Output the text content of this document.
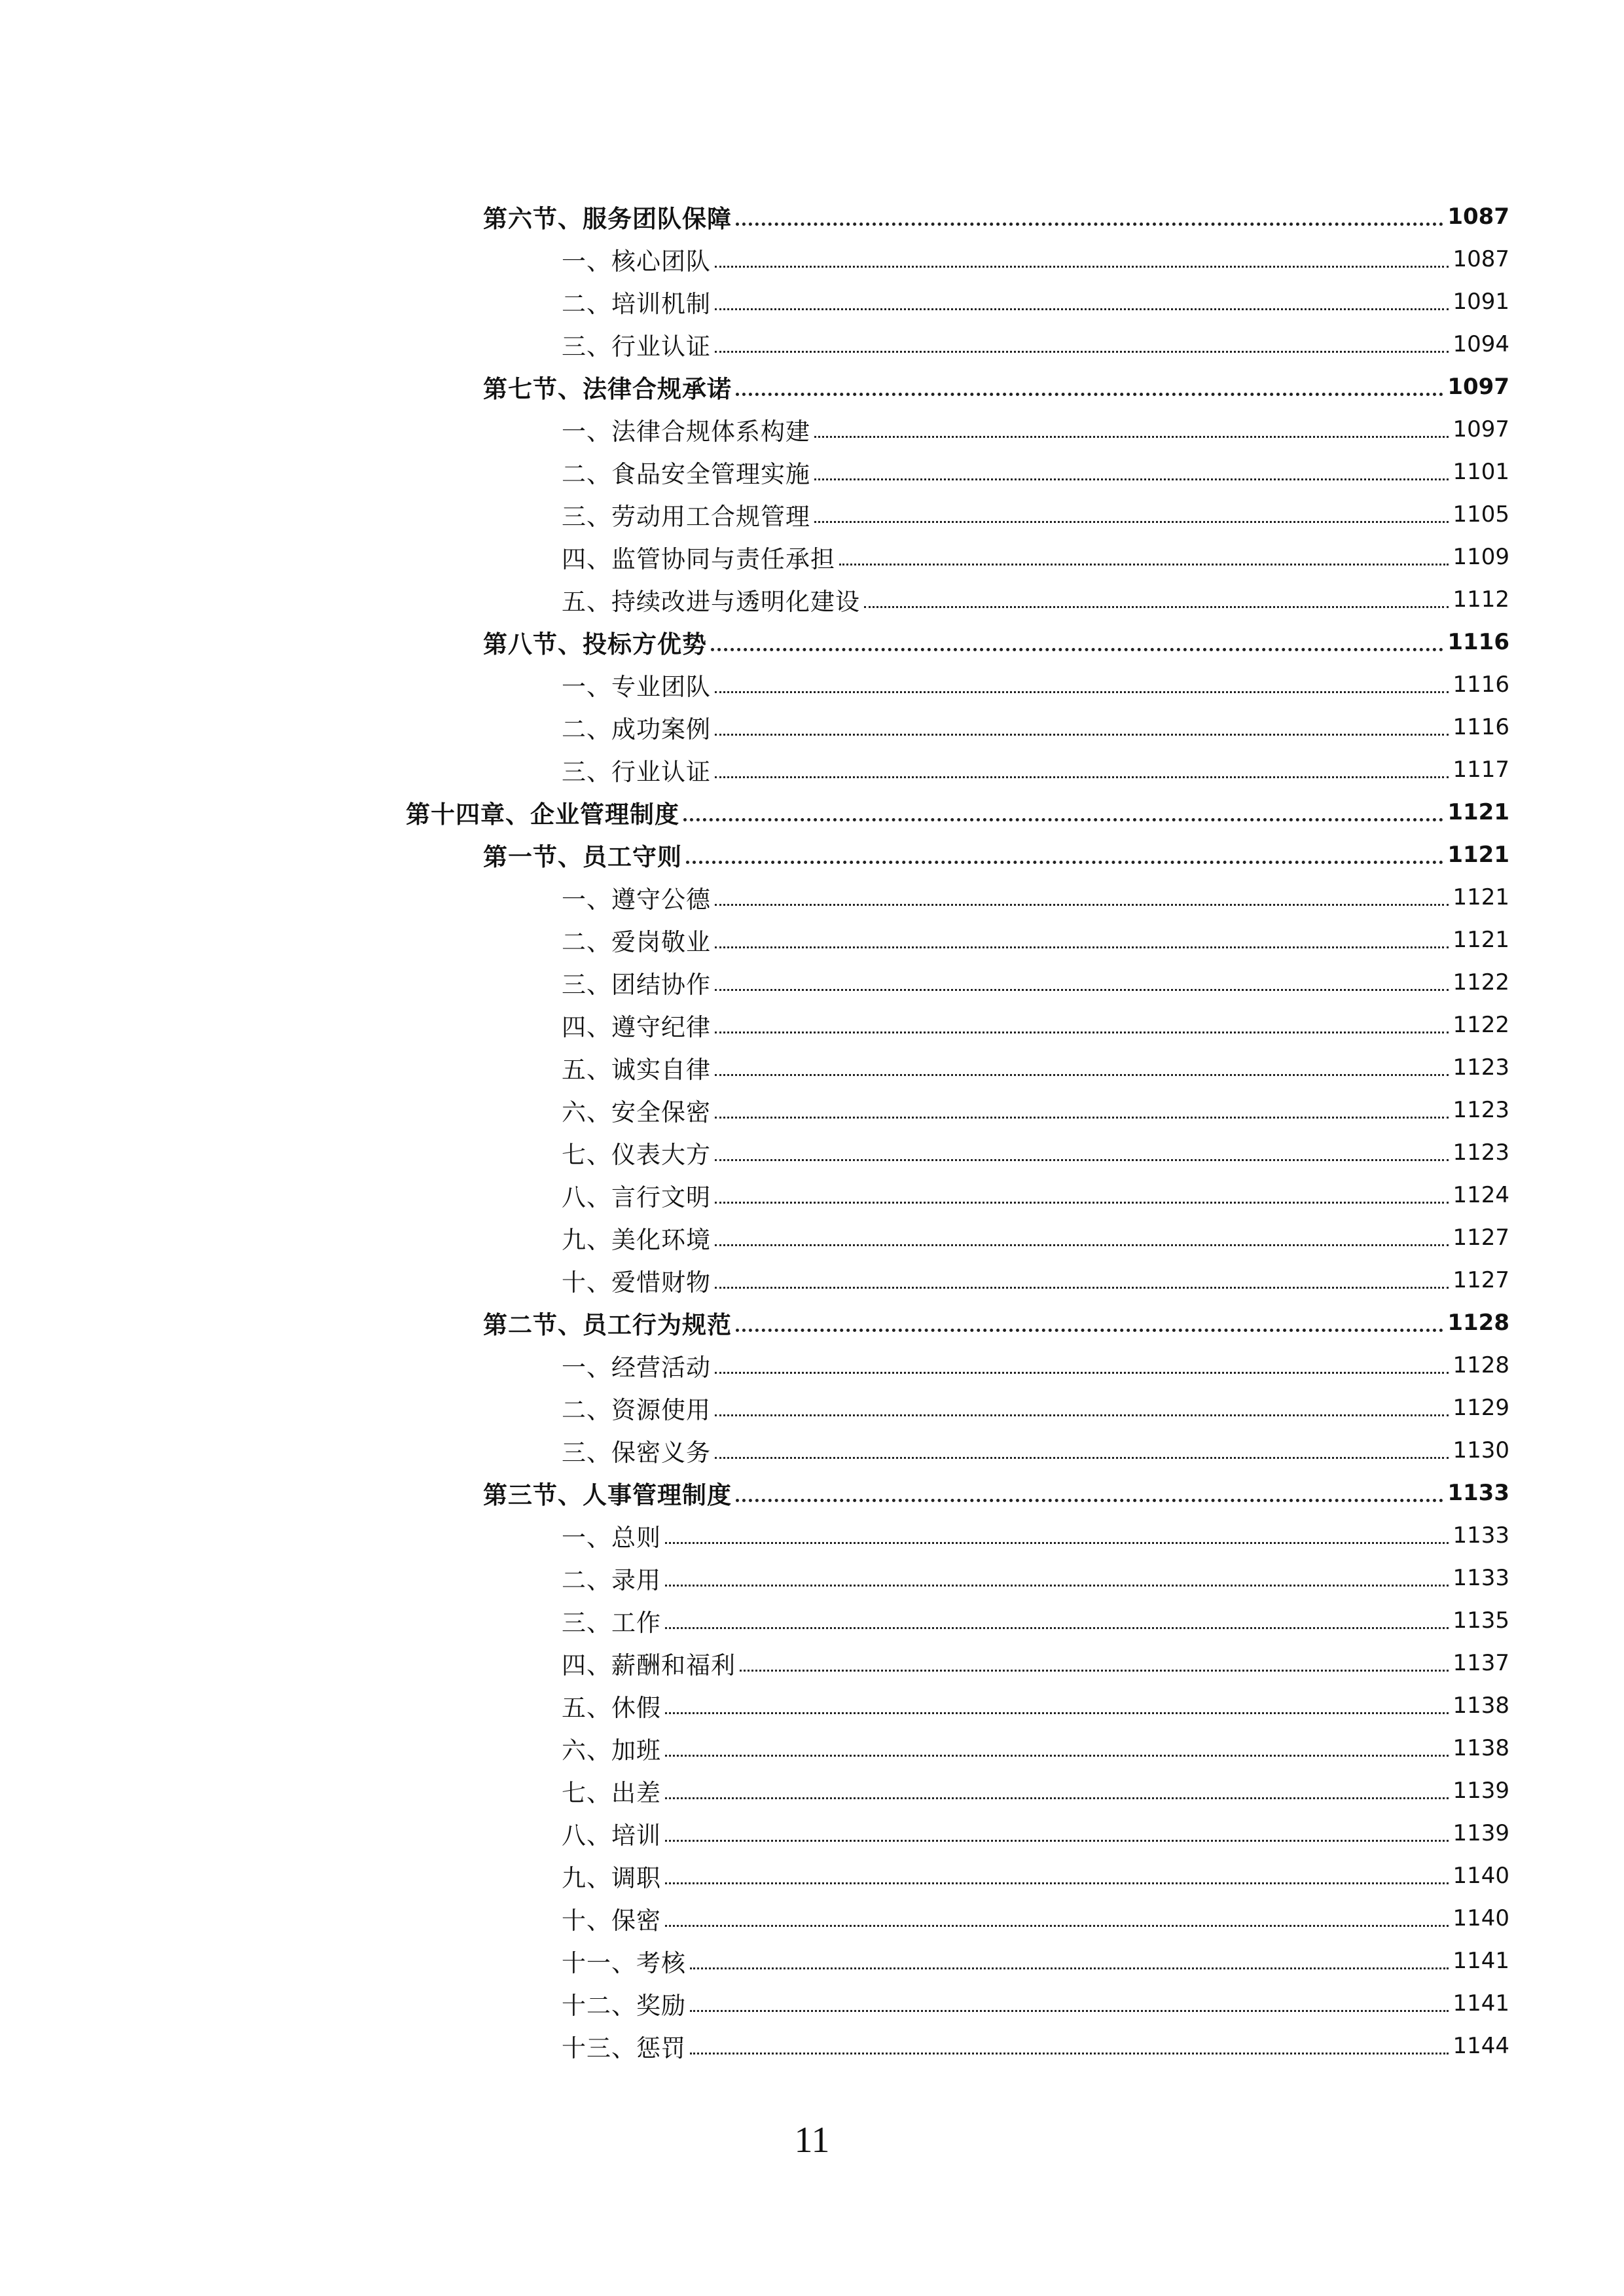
第六节、服务团队保障	1087
一、核心团队	1087
二、培训机制	1091
三、行业认证	1094
第七节、法律合规承诺	1097
一、法律合规体系构建	1097
二、食品安全管理实施	1101
三、劳动用工合规管理	1105
四、监管协同与责任承担	1109
五、持续改进与透明化建设	1112
第八节、投标方优势	1116
一、专业团队	1116
二、成功案例	1116
三、行业认证	1117
第十四章、企业管理制度	1121
第一节、员工守则	1121
一、遵守公德	1121
二、爱岗敬业	1121
三、团结协作	1122
四、遵守纪律	1122
五、诚实自律	1123
六、安全保密	1123
七、仪表大方	1123
八、言行文明	1124
九、美化环境	1127
十、爱惜财物	1127
第二节、员工行为规范	1128
一、经营活动	1128
二、资源使用	1129
三、保密义务	1130
第三节、人事管理制度	1133
一、总则	1133
二、录用	1133
三、工作	1135
四、薪酬和福利	1137
五、休假	1138
六、加班	1138
七、出差	1139
八、培训	1139
九、调职	1140
十、保密	1140
十一、考核	1141
十二、奖励	1141
十三、惩罚	1144
11
